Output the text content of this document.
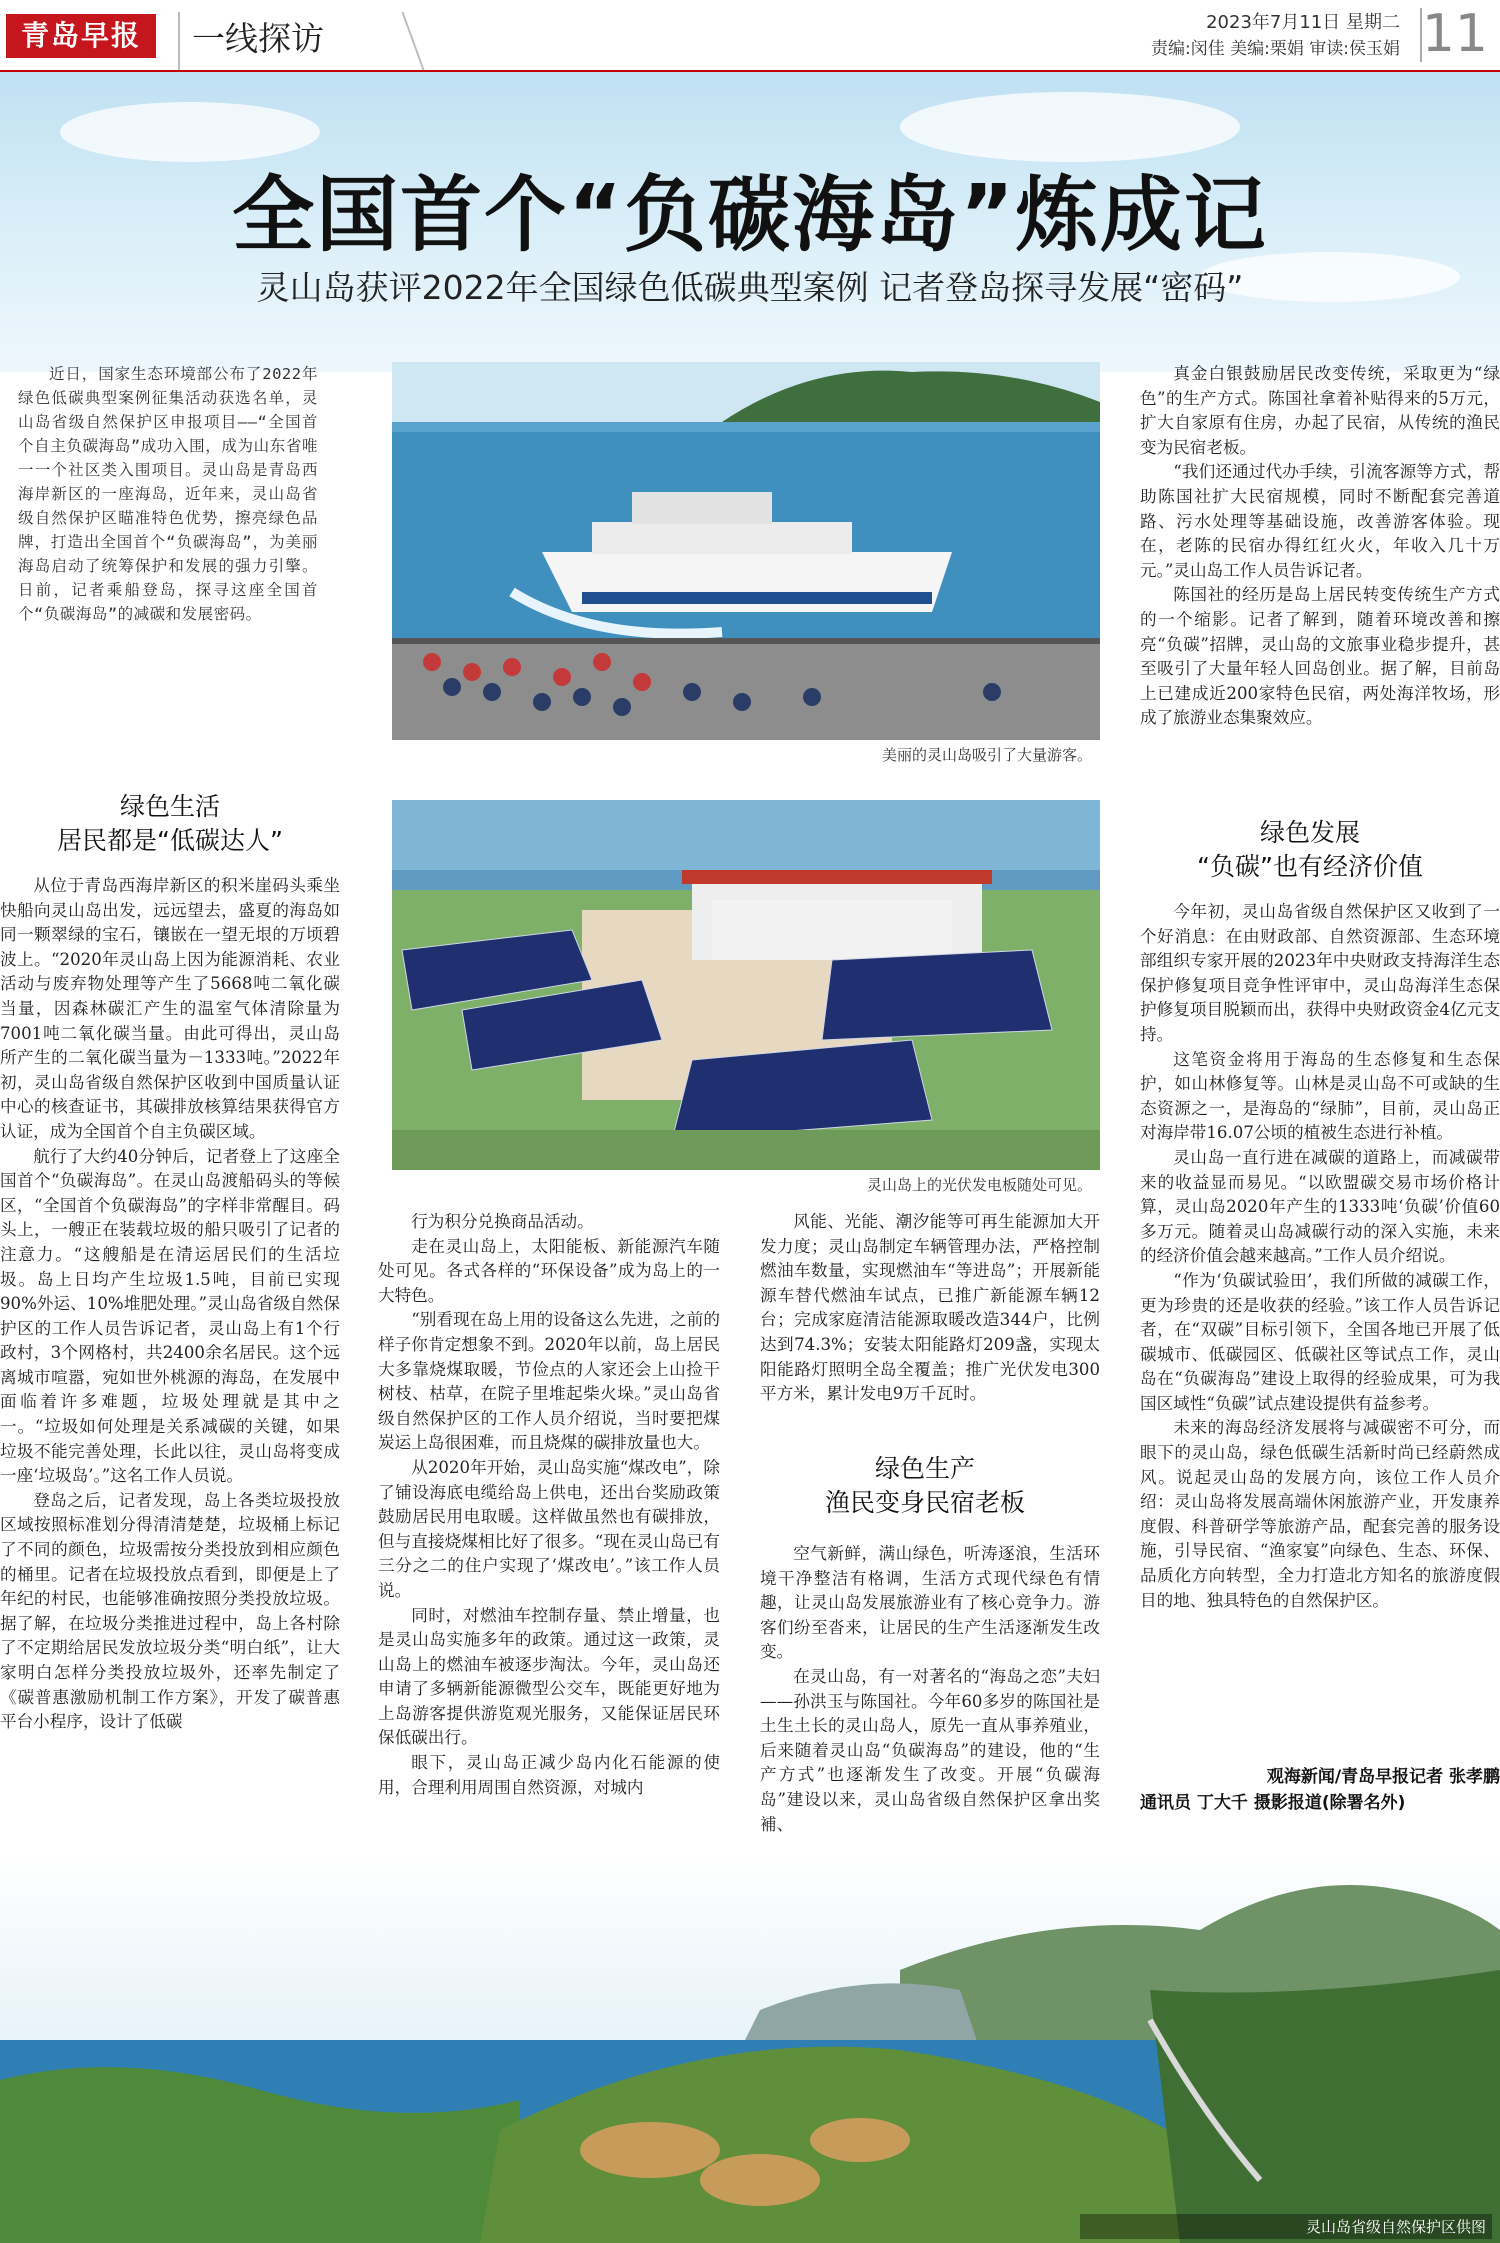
青岛早报	一线探访	2023年7月11日 星期二
责编:闵佳 美编:栗娟 审读:侯玉娟 11
全国首个“负碳海岛”炼成记
灵山岛获评2022年全国绿色低碳典型案例 记者登岛探寻发展“密码”
近日，国家生态环境部公布了2022年绿色低碳典型案例征集活动获选名单，灵山岛省级自然保护区申报项目——“全国首个自主负碳海岛”成功入围，成为山东省唯一一个社区类入围项目。灵山岛是青岛西海岸新区的一座海岛，近年来，灵山岛省级自然保护区瞄准特色优势，擦亮绿色品牌，打造出全国首个“负碳海岛”，为美丽海岛启动了统筹保护和发展的强力引擎。日前，记者乘船登岛，探寻这座全国首个“负碳海岛”的减碳和发展密码。
美丽的灵山岛吸引了大量游客。
灵山岛上的光伏发电板随处可见。
绿色生活
居民都是“低碳达人”
绿色生产
渔民变身民宿老板
绿色发展
“负碳”也有经济价值

从位于青岛西海岸新区的积米崖码头乘坐快船向灵山岛出发，远远望去，盛夏的海岛如同一颗翠绿的宝石，镶嵌在一望无垠的万顷碧波上。“2020年灵山岛上因为能源消耗、农业活动与废弃物处理等产生了5668吨二氧化碳当量，因森林碳汇产生的温室气体清除量为7001吨二氧化碳当量。由此可得出，灵山岛所产生的二氧化碳当量为－1333吨。”2022年初，灵山岛省级自然保护区收到中国质量认证中心的核查证书，其碳排放核算结果获得官方认证，成为全国首个自主负碳区域。

航行了大约40分钟后，记者登上了这座全国首个“负碳海岛”。在灵山岛渡船码头的等候区，“全国首个负碳海岛”的字样非常醒目。码头上，一艘正在装载垃圾的船只吸引了记者的注意力。“这艘船是在清运居民们的生活垃圾。岛上日均产生垃圾1.5吨，目前已实现90%外运、10%堆肥处理。”灵山岛省级自然保护区的工作人员告诉记者，灵山岛上有1个行政村，3个网格村，共2400余名居民。这个远离城市喧嚣，宛如世外桃源的海岛，在发展中面临着许多难题，垃圾处理就是其中之一。“垃圾如何处理是关系减碳的关键，如果垃圾不能完善处理，长此以往，灵山岛将变成一座‘垃圾岛’。”这名工作人员说。

登岛之后，记者发现，岛上各类垃圾投放区域按照标准划分得清清楚楚，垃圾桶上标记了不同的颜色，垃圾需按分类投放到相应颜色的桶里。记者在垃圾投放点看到，即便是上了年纪的村民，也能够准确按照分类投放垃圾。据了解，在垃圾分类推进过程中，岛上各村除了不定期给居民发放垃圾分类“明白纸”，让大家明白怎样分类投放垃圾外，还率先制定了《碳普惠激励机制工作方案》，开发了碳普惠平台小程序，设计了低碳

行为积分兑换商品活动。

走在灵山岛上，太阳能板、新能源汽车随处可见。各式各样的“环保设备”成为岛上的一大特色。

“别看现在岛上用的设备这么先进，之前的样子你肯定想象不到。2020年以前，岛上居民大多靠烧煤取暖，节俭点的人家还会上山捡干树枝、枯草，在院子里堆起柴火垛。”灵山岛省级自然保护区的工作人员介绍说，当时要把煤炭运上岛很困难，而且烧煤的碳排放量也大。

从2020年开始，灵山岛实施“煤改电”，除了铺设海底电缆给岛上供电，还出台奖励政策鼓励居民用电取暖。这样做虽然也有碳排放，但与直接烧煤相比好了很多。“现在灵山岛已有三分之二的住户实现了‘煤改电’。”该工作人员说。

同时，对燃油车控制存量、禁止增量，也是灵山岛实施多年的政策。通过这一政策，灵山岛上的燃油车被逐步淘汰。今年，灵山岛还申请了多辆新能源微型公交车，既能更好地为上岛游客提供游览观光服务，又能保证居民环保低碳出行。

眼下，灵山岛正减少岛内化石能源的使用，合理利用周围自然资源，对城内

风能、光能、潮汐能等可再生能源加大开发力度；灵山岛制定车辆管理办法，严格控制燃油车数量，实现燃油车“等进岛”；开展新能源车替代燃油车试点，已推广新能源车辆12台；完成家庭清洁能源取暖改造344户，比例达到74.3%；安装太阳能路灯209盏，实现太阳能路灯照明全岛全覆盖；推广光伏发电300平方米，累计发电9万千瓦时。

空气新鲜，满山绿色，听涛逐浪，生活环境干净整洁有格调，生活方式现代绿色有情趣，让灵山岛发展旅游业有了核心竞争力。游客们纷至沓来，让居民的生产生活逐渐发生改变。

在灵山岛，有一对著名的“海岛之恋”夫妇——孙洪玉与陈国社。今年60多岁的陈国社是土生土长的灵山岛人，原先一直从事养殖业，后来随着灵山岛“负碳海岛”的建设，他的“生产方式”也逐渐发生了改变。开展“负碳海岛”建设以来，灵山岛省级自然保护区拿出奖補、

真金白银鼓励居民改变传统，采取更为“绿色”的生产方式。陈国社拿着补贴得来的5万元，扩大自家原有住房，办起了民宿，从传统的渔民变为民宿老板。

“我们还通过代办手续，引流客源等方式，帮助陈国社扩大民宿规模，同时不断配套完善道路、污水处理等基础设施，改善游客体验。现在，老陈的民宿办得红红火火，年收入几十万元。”灵山岛工作人员告诉记者。

陈国社的经历是岛上居民转变传统生产方式的一个缩影。记者了解到，随着环境改善和擦亮“负碳”招牌，灵山岛的文旅事业稳步提升，甚至吸引了大量年轻人回岛创业。据了解，目前岛上已建成近200家特色民宿，两处海洋牧场，形成了旅游业态集聚效应。

今年初，灵山岛省级自然保护区又收到了一个好消息：在由财政部、自然资源部、生态环境部组织专家开展的2023年中央财政支持海洋生态保护修复项目竞争性评审中，灵山岛海洋生态保护修复项目脱颖而出，获得中央财政资金4亿元支持。

这笔资金将用于海岛的生态修复和生态保护，如山林修复等。山林是灵山岛不可或缺的生态资源之一，是海岛的“绿肺”，目前，灵山岛正对海岸带16.07公顷的植被生态进行补植。

灵山岛一直行进在减碳的道路上，而减碳带来的收益显而易见。“以欧盟碳交易市场价格计算，灵山岛2020年产生的1333吨‘负碳’价值60多万元。随着灵山岛减碳行动的深入实施，未来的经济价值会越来越高。”工作人员介绍说。

“作为‘负碳试验田’，我们所做的减碳工作，更为珍贵的还是收获的经验。”该工作人员告诉记者，在“双碳”目标引领下，全国各地已开展了低碳城市、低碳园区、低碳社区等试点工作，灵山岛在“负碳海岛”建设上取得的经验成果，可为我国区域性“负碳”试点建设提供有益参考。

未来的海岛经济发展将与减碳密不可分，而眼下的灵山岛，绿色低碳生活新时尚已经蔚然成风。说起灵山岛的发展方向，该位工作人员介绍：灵山岛将发展高端休闲旅游产业，开发康养度假、科普研学等旅游产品，配套完善的服务设施，引导民宿、“渔家宴”向绿色、生态、环保、品质化方向转型，全力打造北方知名的旅游度假目的地、独具特色的自然保护区。

观海新闻/青岛早报记者 张孝鹏
通讯员 丁大千 摄影报道(除署名外)
灵山岛省级自然保护区供图
